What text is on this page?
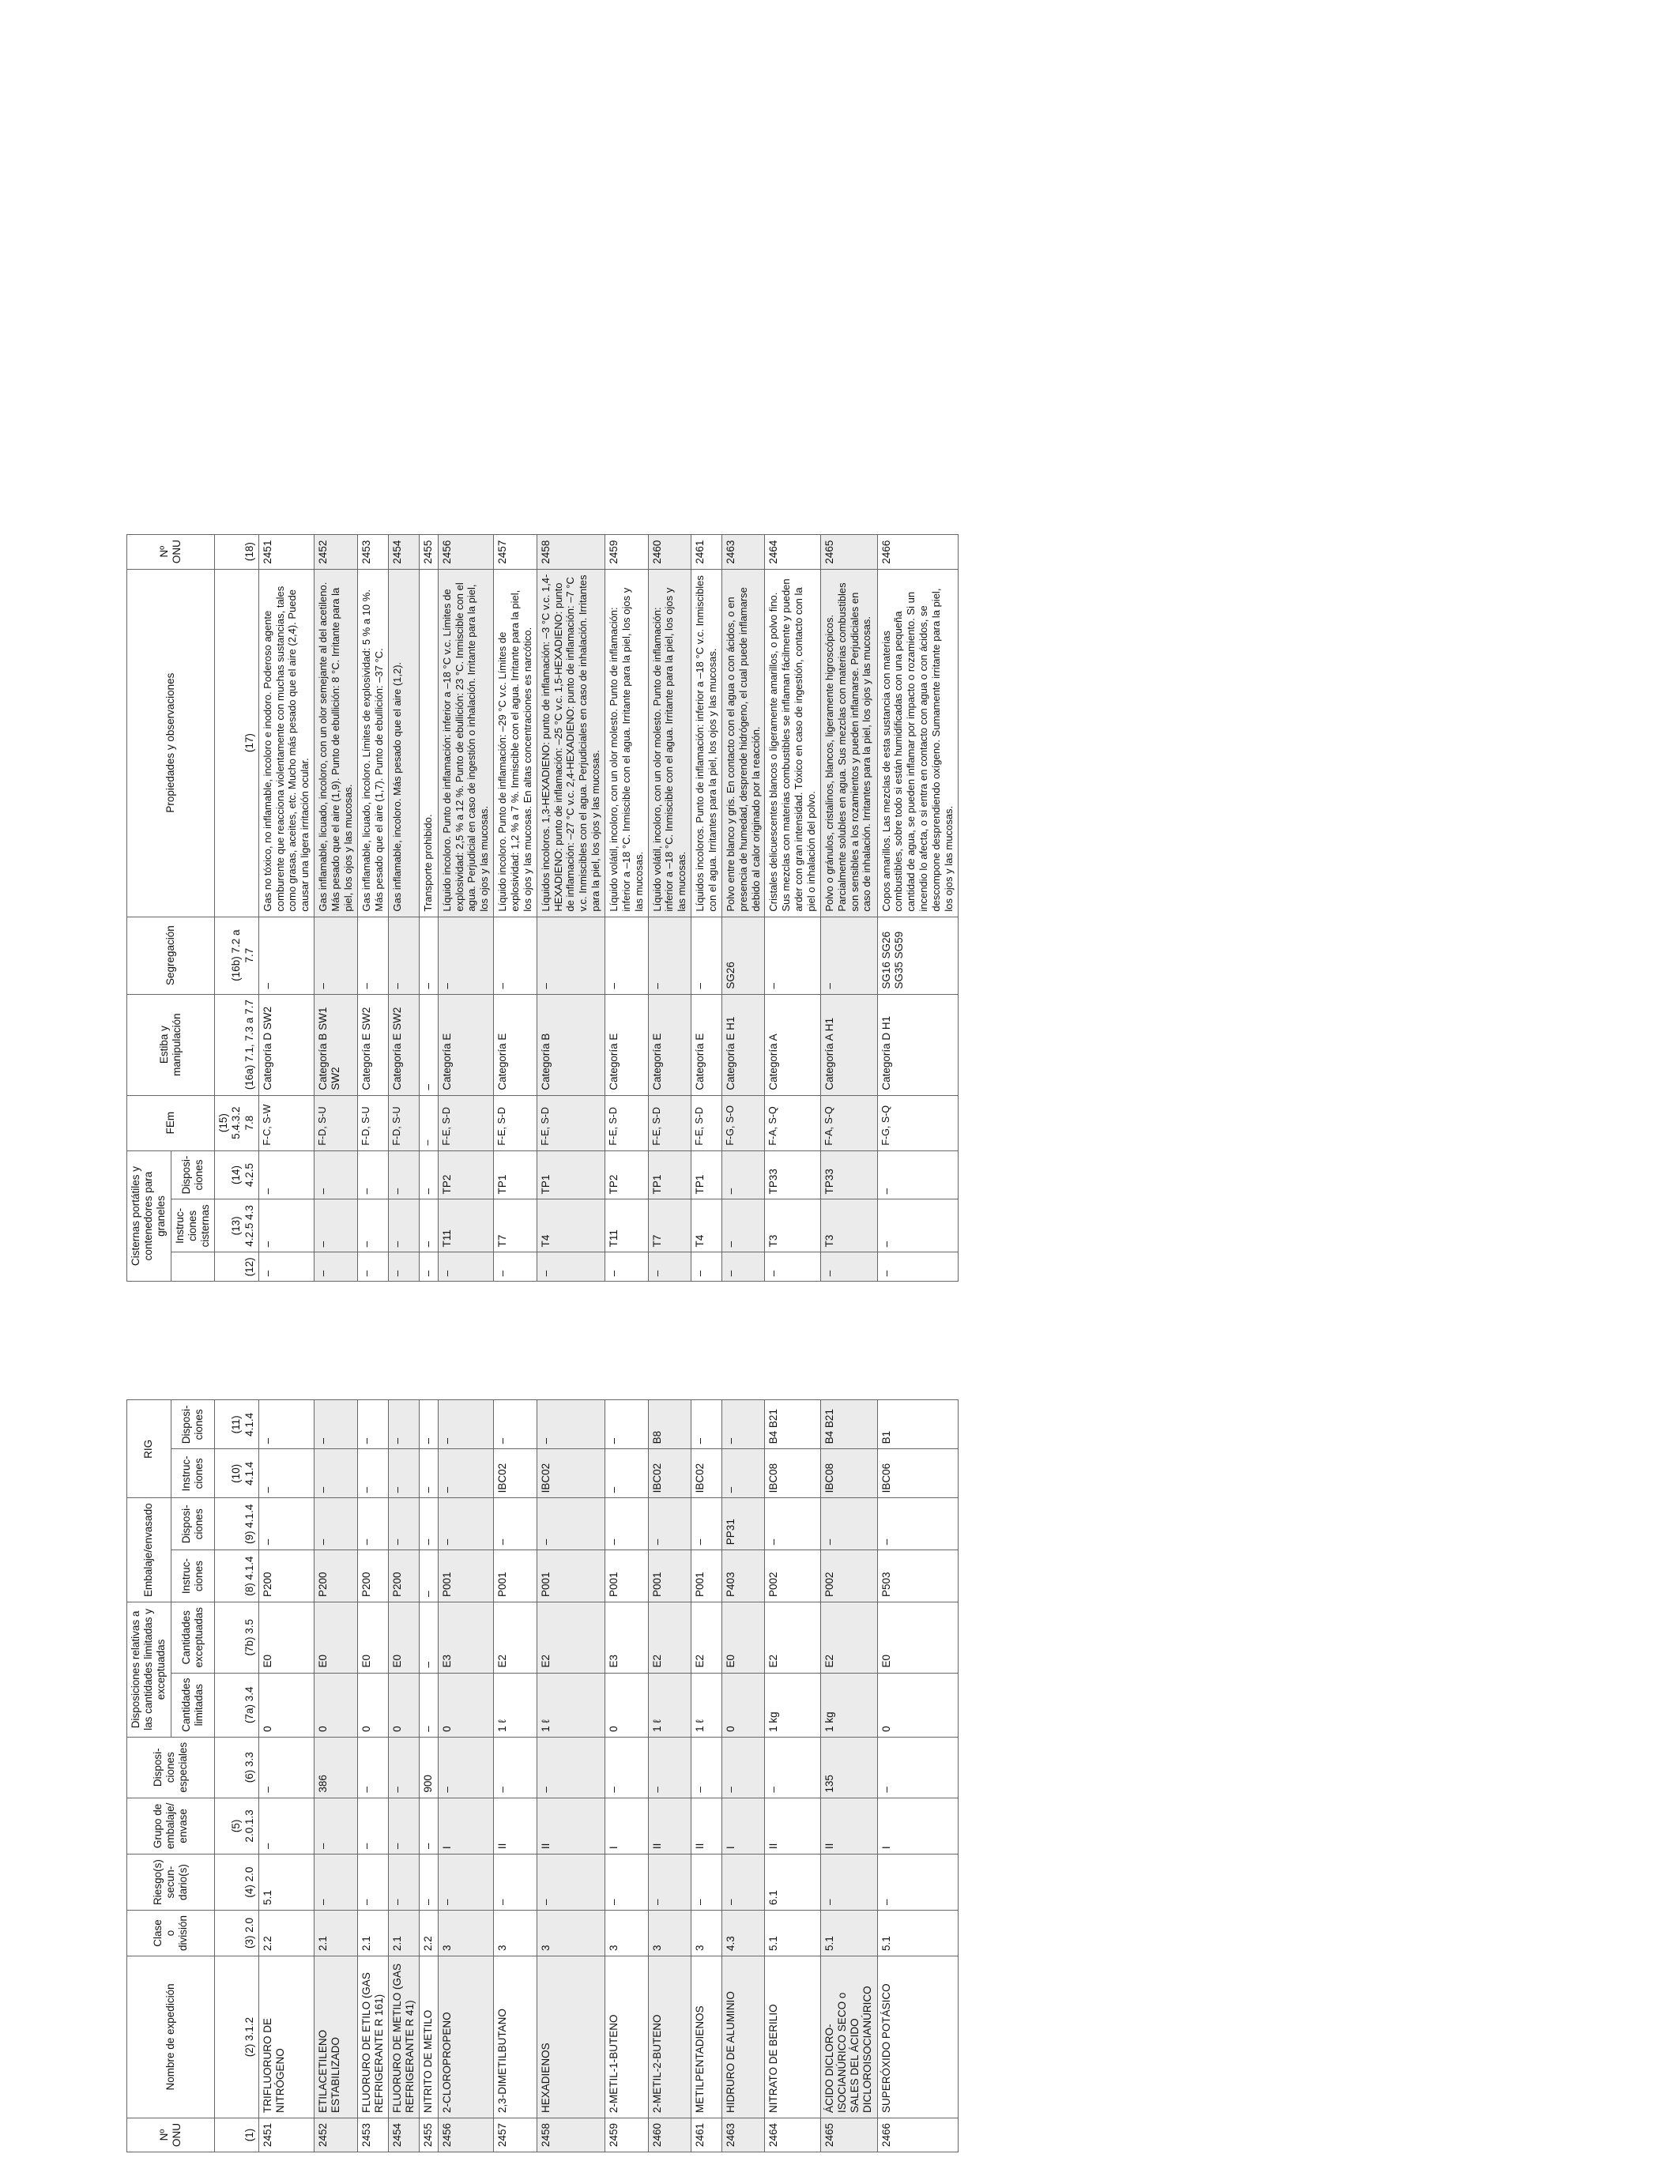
Nº ONU	Nombre de expedición	Clase o división	Riesgo(s) secun-dario(s)	Grupo de embalaje/ envase	Disposi-ciones especiales	Disposiciones relativas a las cantidades limitadas y exceptuadas		Embalaje/envasado		RIG			Cisternas portátiles y contenedores para graneles			FEm	Estiba y manipulación	Segregación	Propiedades y observaciones	Nº ONU
						Cantidades limitadas	Cantidades exceptuadas	Instruc-ciones	Disposi-ciones	Instruc-ciones	Disposi-ciones			Instruc-ciones cisternas	Disposi-ciones					
(1)	(2) 3.1.2	(3) 2.0	(4) 2.0	(5) 2.0.1.3	(6) 3.3	(7a) 3.4	(7b) 3.5	(8) 4.1.4	(9) 4.1.4	(10) 4.1.4	(11) 4.1.4		(12)	(13) 4.2.5 4.3	(14) 4.2.5	(15) 5.4.3.2 7.8	(16a) 7.1, 7.3 a 7.7	(16b) 7.2 a 7.7	(17)	(18)
2451	TRIFLUORURO DE NITRÓGENO	2.2	5.1	–	–	0	E0	P200	–	–	–		–	–	–	F-C, S-W	Categoría D SW2	–	Gas no tóxico, no inflamable, incoloro e inodoro. Poderoso agente comburente que reacciona violentamente con muchas sustancias, tales como grasas, aceites, etc. Mucho más pesado que el aire (2,4). Puede causar una ligera irritación ocular.	2451
2452	ETILACETILENO ESTABILIZADO	2.1	–	–	386	0	E0	P200	–	–	–		–	–	–	F-D, S-U	Categoría B SW1 SW2	–	Gas inflamable, licuado, incoloro, con un olor semejante al del acetileno. Más pesado que el aire (1,9). Punto de ebullición: 8 °C. Irritante para la piel, los ojos y las mucosas.	2452
2453	FLUORURO DE ETILO (GAS REFRIGERANTE R 161)	2.1	–	–	–	0	E0	P200	–	–	–		–	–	–	F-D, S-U	Categoría E SW2	–	Gas inflamable, licuado, incoloro. Límites de explosividad: 5 % a 10 %. Más pesado que el aire (1,7). Punto de ebullición: –37 °C.	2453
2454	FLUORURO DE METILO (GAS REFRIGERANTE R 41)	2.1	–	–	–	0	E0	P200	–	–	–		–	–	–	F-D, S-U	Categoría E SW2	–	Gas inflamable, incoloro. Más pesado que el aire (1,2).	2454
2455	NITRITO DE METILO	2.2	–	–	900	–	–	–	–	–	–		–	–	–	–	–	–	Transporte prohibido.	2455
2456	2-CLOROPROPENO	3	–	I	–	0	E3	P001	–	–	–		–	T11	TP2	F-E, S-D	Categoría E	–	Líquido incoloro. Punto de inflamación: inferior a –18 °C v.c. Límites de explosividad: 2,5 % a 12 %. Punto de ebullición: 23 °C. Inmiscible con el agua. Perjudicial en caso de ingestión o inhalación. Irritante para la piel, los ojos y las mucosas.	2456
2457	2,3-DIMETILBUTANO	3	–	II	–	1 ℓ	E2	P001	–	IBC02	–		–	T7	TP1	F-E, S-D	Categoría E	–	Líquido incoloro. Punto de inflamación: –29 °C v.c. Límites de explosividad: 1,2 % a 7 %. Inmiscible con el agua. Irritante para la piel, los ojos y las mucosas. En altas concentraciones es narcótico.	2457
2458	HEXADIENOS	3	–	II	–	1 ℓ	E2	P001	–	IBC02	–		–	T4	TP1	F-E, S-D	Categoría B	–	Líquidos incoloros. 1,3-HEXADIENO: punto de inflamación: –3 °C v.c. 1,4-HEXADIENO: punto de inflamación: –25 °C v.c. 1,5-HEXADIENO: punto de inflamación: –27 °C v.c. 2,4-HEXADIENO: punto de inflamación: –7 °C v.c. Inmiscibles con el agua. Perjudiciales en caso de inhalación. Irritantes para la piel, los ojos y las mucosas.	2458
2459	2-METIL-1-BUTENO	3	–	I	–	0	E3	P001	–	–	–		–	T11	TP2	F-E, S-D	Categoría E	–	Líquido volátil, incoloro, con un olor molesto. Punto de inflamación: inferior a –18 °C. Inmiscible con el agua. Irritante para la piel, los ojos y las mucosas.	2459
2460	2-METIL-2-BUTENO	3	–	II	–	1 ℓ	E2	P001	–	IBC02	B8		–	T7	TP1	F-E, S-D	Categoría E	–	Líquido volátil, incoloro, con un olor molesto. Punto de inflamación: inferior a –18 °C. Inmiscible con el agua. Irritante para la piel, los ojos y las mucosas.	2460
2461	METILPENTADIENOS	3	–	II	–	1 ℓ	E2	P001	–	IBC02	–		–	T4	TP1	F-E, S-D	Categoría E	–	Líquidos incoloros. Punto de inflamación: inferior a –18 °C v.c. Inmiscibles con el agua. Irritantes para la piel, los ojos y las mucosas.	2461
2463	HIDRURO DE ALUMINIO	4.3	–	I	–	0	E0	P403	PP31	–	–		–	–	–	F-G, S-O	Categoría E H1	SG26	Polvo entre blanco y gris. En contacto con el agua o con ácidos, o en presencia de humedad, desprende hidrógeno, el cual puede inflamarse debido al calor originado por la reacción.	2463
2464	NITRATO DE BERILIO	5.1	6.1	II	–	1 kg	E2	P002	–	IBC08	B4 B21		–	T3	TP33	F-A, S-Q	Categoría A	–	Cristales delicuescentes blancos o ligeramente amarillos, o polvo fino. Sus mezclas con materias combustibles se inflaman fácilmente y pueden arder con gran intensidad. Tóxico en caso de ingestión, contacto con la piel o inhalación del polvo.	2464
2465	ÁCIDO DICLORO-ISOCIANÚRICO SECO o SALES DEL ÁCIDO DICLOROISOCIANÚRICO	5.1	–	II	135	1 kg	E2	P002	–	IBC08	B4 B21		–	T3	TP33	F-A, S-Q	Categoría A H1	–	Polvo o gránulos, cristalinos, blancos, ligeramente higroscópicos. Parcialmente solubles en agua. Sus mezclas con materias combustibles son sensibles a los rozamientos y pueden inflamarse. Perjudiciales en caso de inhalación. Irritantes para la piel, los ojos y las mucosas.	2465
2466	SUPERÓXIDO POTÁSICO	5.1	–	I	–	0	E0	P503	–	IBC06	B1		–	–	–	F-G, S-Q	Categoría D H1	SG16 SG26 SG35 SG59	Copos amarillos. Las mezclas de esta sustancia con materias combustibles, sobre todo si están humidificadas con una pequeña cantidad de agua, se pueden inflamar por impacto o rozamiento. Si un incendio lo afecta, o si entra en contacto con agua o con ácidos, se descompone desprendiendo oxígeno. Sumamente irritante para la piel, los ojos y las mucosas.	2466
